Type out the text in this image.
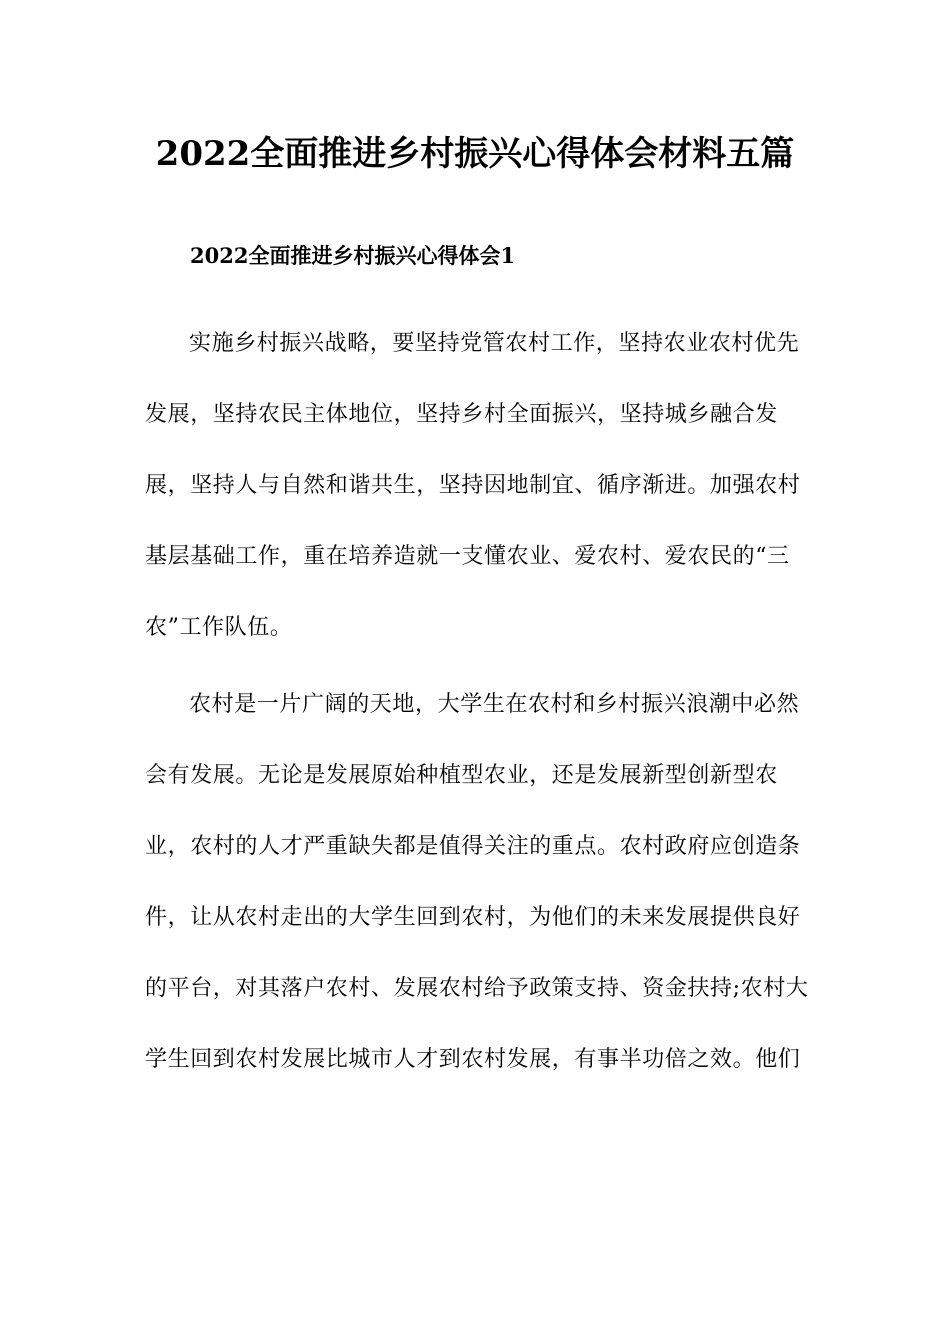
2022全面推进乡村振兴心得体会材料五篇
2022全面推进乡村振兴心得体会1

实施乡村振兴战略，要坚持党管农村工作，坚持农业农村优先发展，坚持农民主体地位，坚持乡村全面振兴，坚持城乡融合发展，坚持人与自然和谐共生，坚持因地制宜、循序渐进。加强农村基层基础工作，重在培养造就一支懂农业、爱农村、爱农民的“三农”工作队伍。

农村是一片广阔的天地，大学生在农村和乡村振兴浪潮中必然会有发展。无论是发展原始种植型农业，还是发展新型创新型农业，农村的人才严重缺失都是值得关注的重点。农村政府应创造条件，让从农村走出的大学生回到农村，为他们的未来发展提供良好的平台，对其落户农村、发展农村给予政策支持、资金扶持;农村大学生回到农村发展比城市人才到农村发展，有事半功倍之效。他们
